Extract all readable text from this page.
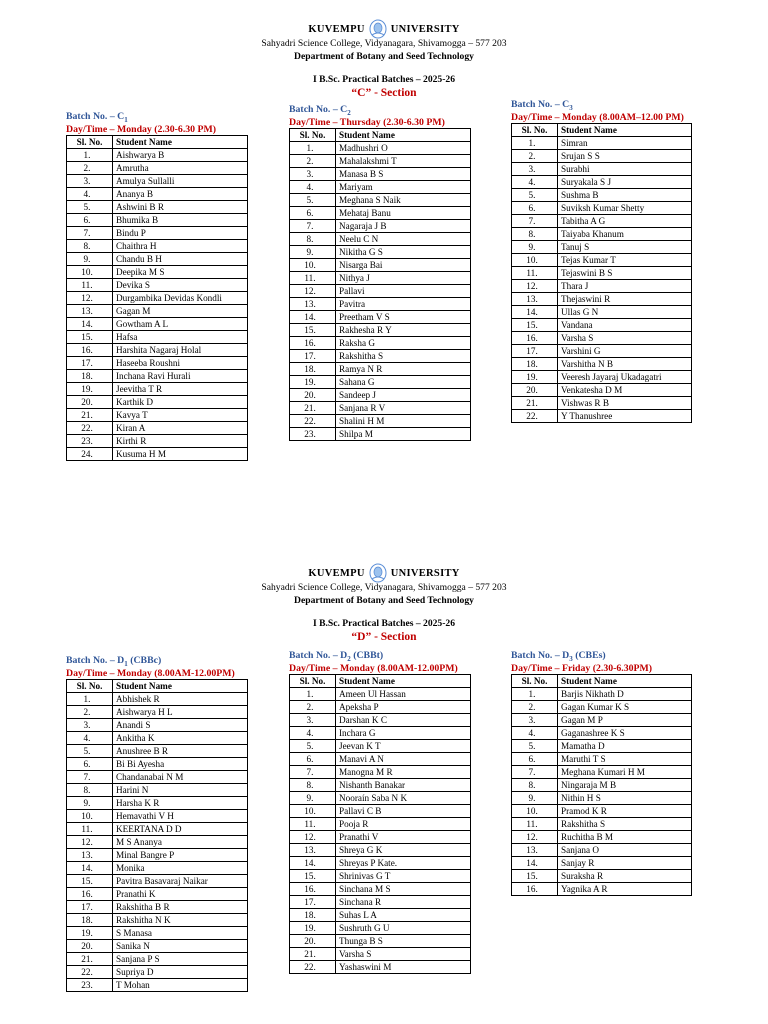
KUVEMPU UNIVERSITY
Sahyadri Science College, Vidyanagara, Shivamogga – 577 203
Department of Botany and Seed Technology
I B.Sc. Practical Batches – 2025-26
“C” - Section
Batch No. – $C_1$
Day/Time – Monday (2.30-6.30 PM)
Sl. No.	Student Name
1.	Aishwarya B
2.	Amrutha
3.	Amulya Sullalli
4.	Ananya B
5.	Ashwini B R
6.	Bhumika B
7.	Bindu P
8.	Chaithra H
9.	Chandu B H
10.	Deepika M S
11.	Devika S
12.	Durgambika Devidas Kondli
13.	Gagan M
14.	Gowtham A L
15.	Hafsa
16.	Harshita Nagaraj Holal
17.	Haseeba Roushni
18.	Inchana Ravi Hurali
19.	Jeevitha T R
20.	Karthik D
21.	Kavya T
22.	Kiran A
23.	Kirthi R
24.	Kusuma H M
Batch No. – $C_2$
Day/Time – Thursday (2.30-6.30 PM)
Sl. No.	Student Name
1.	Madhushri O
2.	Mahalakshmi T
3.	Manasa B S
4.	Mariyam
5.	Meghana S Naik
6.	Mehataj Banu
7.	Nagaraja J B
8.	Neelu C N
9.	Nikitha G S
10.	Nisarga Bai
11.	Nithya J
12.	Pallavi
13.	Pavitra
14.	Preetham V S
15.	Rakhesha R Y
16.	Raksha G
17.	Rakshitha S
18.	Ramya N R
19.	Sahana G
20.	Sandeep J
21.	Sanjana R V
22.	Shalini H M
23.	Shilpa M
Batch No. – $C_3$
Day/Time – Monday (8.00AM–12.00 PM)
Sl. No.	Student Name
1.	Simran
2.	Srujan S S
3.	Surabhi
4.	Suryakala S J
5.	Sushma B
6.	Suviksh Kumar Shetty
7.	Tabitha A G
8.	Taiyaba Khanum
9.	Tanuj S
10.	Tejas Kumar T
11.	Tejaswini B S
12.	Thara J
13.	Thejaswini R
14.	Ullas G N
15.	Vandana
16.	Varsha S
17.	Varshini G
18.	Varshitha N B
19.	Veeresh Jayaraj Ukadagatri
20.	Venkatesha D M
21.	Vishwas R B
22.	Y Thanushree
KUVEMPU UNIVERSITY
Sahyadri Science College, Vidyanagara, Shivamogga – 577 203
Department of Botany and Seed Technology
I B.Sc. Practical Batches – 2025-26
“D” - Section
Batch No. – $D_1$ (CBBc)
Day/Time – Monday (8.00AM-12.00PM)
Sl. No.	Student Name
1.	Abhishek R
2.	Aishwarya H L
3.	Anandi S
4.	Ankitha K
5.	Anushree B R
6.	Bi Bi Ayesha
7.	Chandanabai N M
8.	Harini N
9.	Harsha K R
10.	Hemavathi V H
11.	KEERTANA D D
12.	M S Ananya
13.	Minal Bangre P
14.	Monika
15.	Pavitra Basavaraj Naikar
16.	Pranathi K
17.	Rakshitha B R
18.	Rakshitha N K
19.	S Manasa
20.	Sanika N
21.	Sanjana P S
22.	Supriya D
23.	T Mohan
Batch No. – $D_2$ (CBBt)
Day/Time – Monday (8.00AM-12.00PM)
Sl. No.	Student Name
1.	Ameen Ul Hassan
2.	Apeksha P
3.	Darshan K C
4.	Inchara G
5.	Jeevan K T
6.	Manavi A N
7.	Manogna M R
8.	Nishanth Banakar
9.	Nooraín Saba N K
10.	Pallavi C B
11.	Pooja R
12.	Pranathi V
13.	Shreya G K
14.	Shreyas P Kate.
15.	Shrinivas G T
16.	Sinchana M S
17.	Sinchana R
18.	Suhas L A
19.	Sushruth G U
20.	Thunga B S
21.	Varsha S
22.	Yashaswini M
Batch No. – $D_3$ (CBEs)
Day/Time – Friday (2.30-6.30PM)
Sl. No.	Student Name
1.	Barjis Nikhath D
2.	Gagan Kumar K S
3.	Gagan M P
4.	Gaganashree K S
5.	Mamatha D
6.	Maruthi T S
7.	Meghana Kumari H M
8.	Ningaraja M B
9.	Nithin H S
10.	Pramod K R
11.	Rakshitha S
12.	Ruchitha B M
13.	Sanjana O
14.	Sanjay R
15.	Suraksha R
16.	Yagnika A R
